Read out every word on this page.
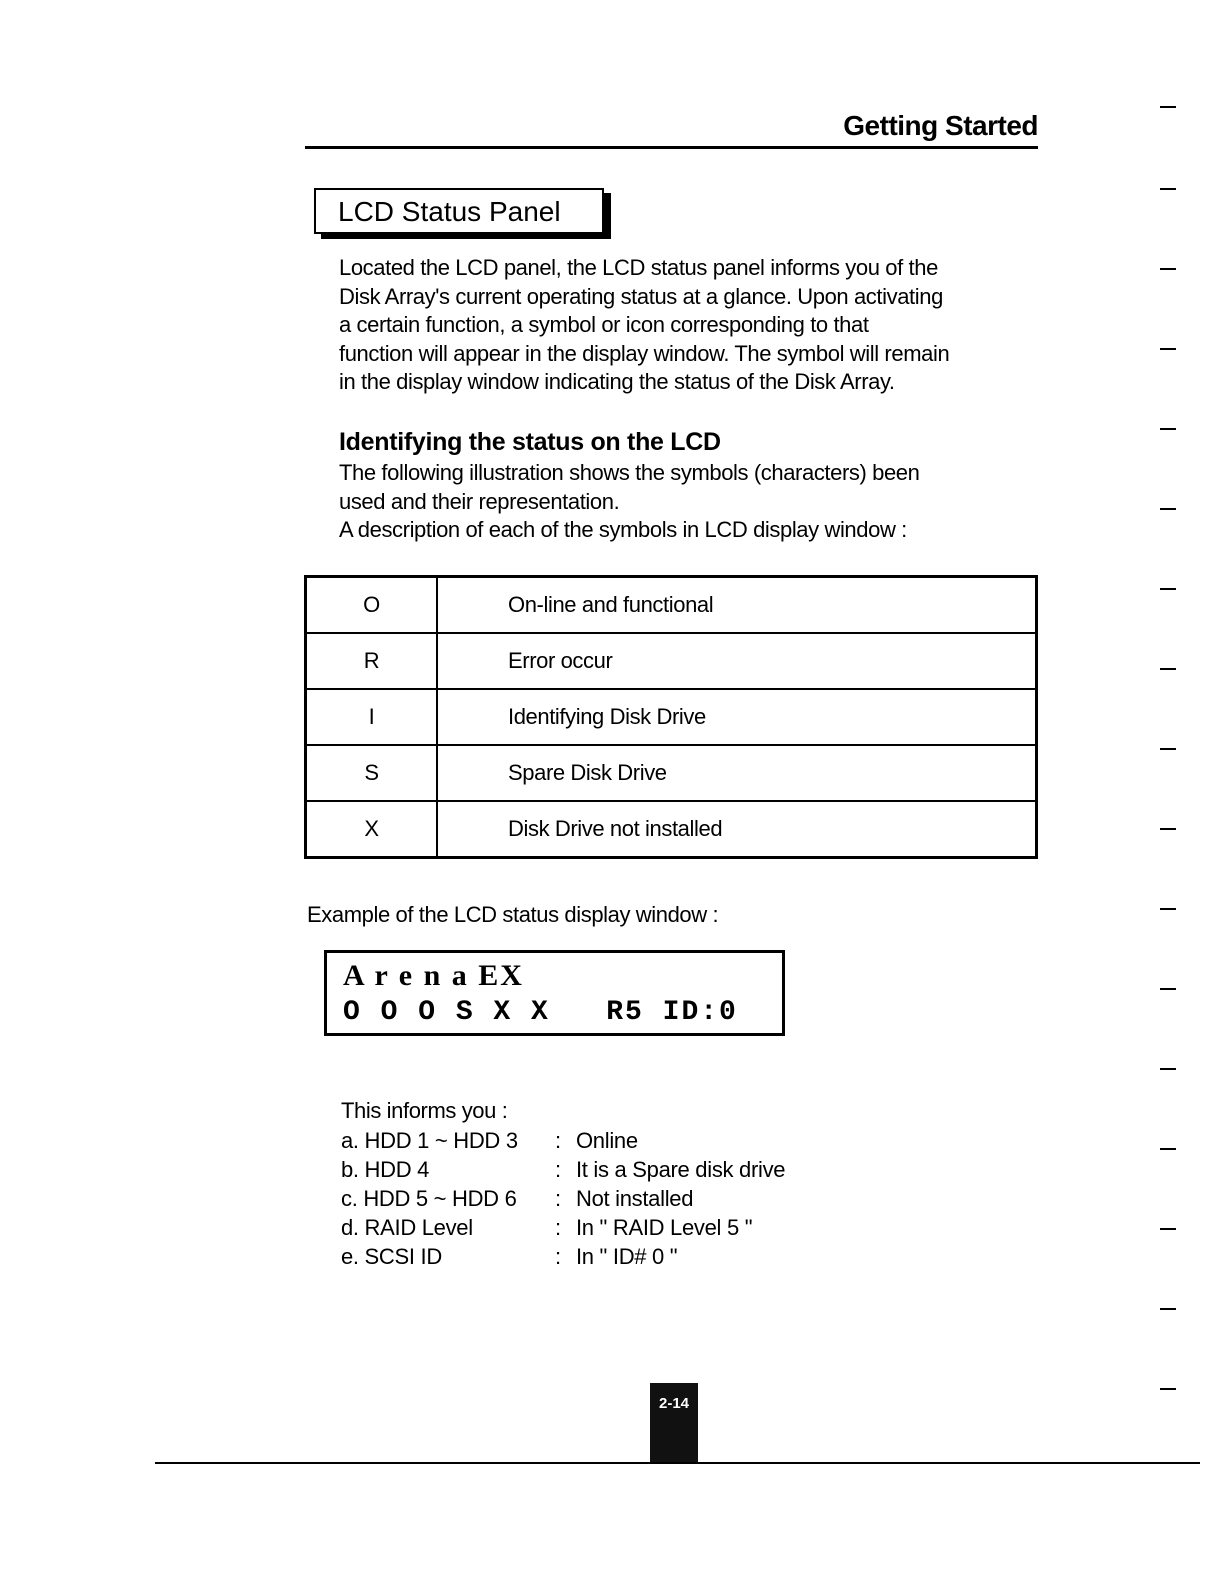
Getting Started
LCD Status Panel
Located the LCD panel, the LCD status panel informs you of the
Disk Array's current operating status at a glance. Upon activating
a certain function, a symbol or icon corresponding to that
function will appear in the display window. The symbol will remain
in the display window indicating the status of the Disk Array.
Identifying the status on the LCD
The following illustration shows the symbols (characters) been
used and their representation.
A description of each of the symbols in LCD display window :
O	On-line and functional
R	Error occur
I	Identifying Disk Drive
S	Spare Disk Drive
X	Disk Drive not installed
Example of the LCD status display window :
A r e n a EX
O O O S X X   R5 ID:0
This informs you :
a. HDD 1 ~ HDD 3	: Online
b. HDD 4	: It is a Spare disk drive
c. HDD 5 ~ HDD 6	: Not installed
d. RAID Level	: In " RAID Level 5 "
e. SCSI ID	: In " ID# 0 "
2-14
